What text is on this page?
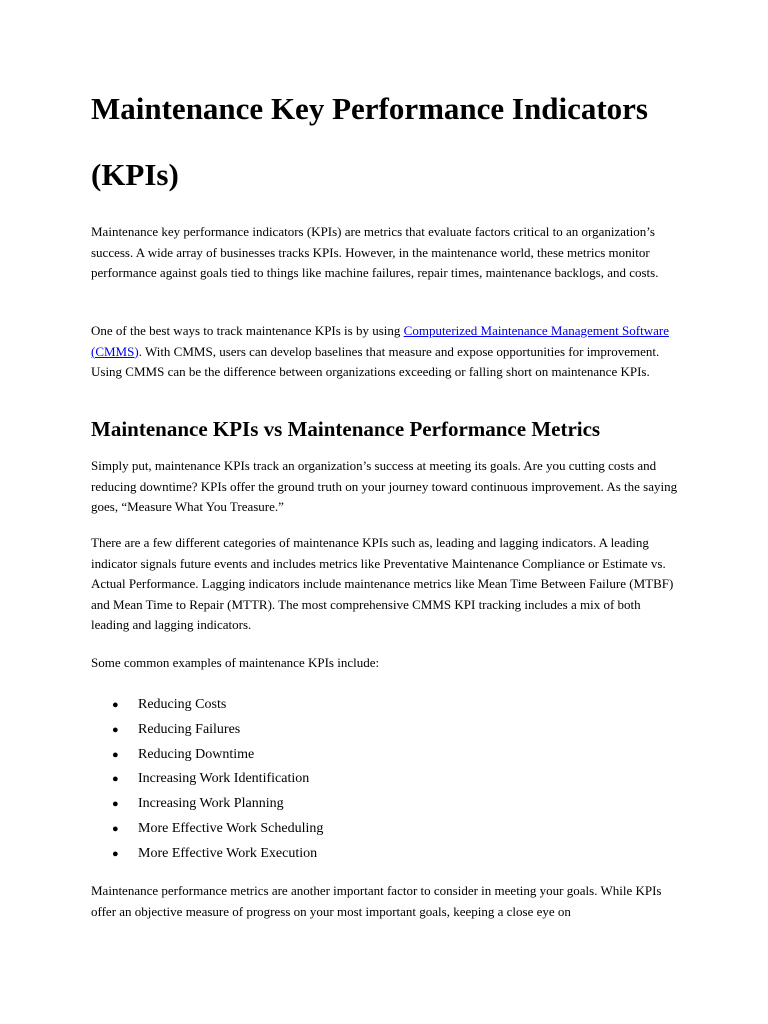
Maintenance Key Performance Indicators
(KPIs)

Maintenance key performance indicators (KPIs) are metrics that evaluate factors critical to an organization’s success. A wide array of businesses tracks KPIs. However, in the maintenance world, these metrics monitor performance against goals tied to things like machine failures, repair times, maintenance backlogs, and costs.

One of the best ways to track maintenance KPIs is by using Computerized Maintenance Management Software (CMMS). With CMMS, users can develop baselines that measure and expose opportunities for improvement. Using CMMS can be the difference between organizations exceeding or falling short on maintenance KPIs.

Maintenance KPIs vs Maintenance Performance Metrics

Simply put, maintenance KPIs track an organization’s success at meeting its goals. Are you cutting costs and reducing downtime? KPIs offer the ground truth on your journey toward continuous improvement. As the saying goes, “Measure What You Treasure.”

There are a few different categories of maintenance KPIs such as, leading and lagging indicators. A leading indicator signals future events and includes metrics like Preventative Maintenance Compliance or Estimate vs. Actual Performance. Lagging indicators include maintenance metrics like Mean Time Between Failure (MTBF) and Mean Time to Repair (MTTR). The most comprehensive CMMS KPI tracking includes a mix of both leading and lagging indicators.

Some common examples of maintenance KPIs include:

● Reducing Costs
● Reducing Failures
● Reducing Downtime
● Increasing Work Identification
● Increasing Work Planning
● More Effective Work Scheduling
● More Effective Work Execution

Maintenance performance metrics are another important factor to consider in meeting your goals. While KPIs offer an objective measure of progress on your most important goals, keeping a close eye on
